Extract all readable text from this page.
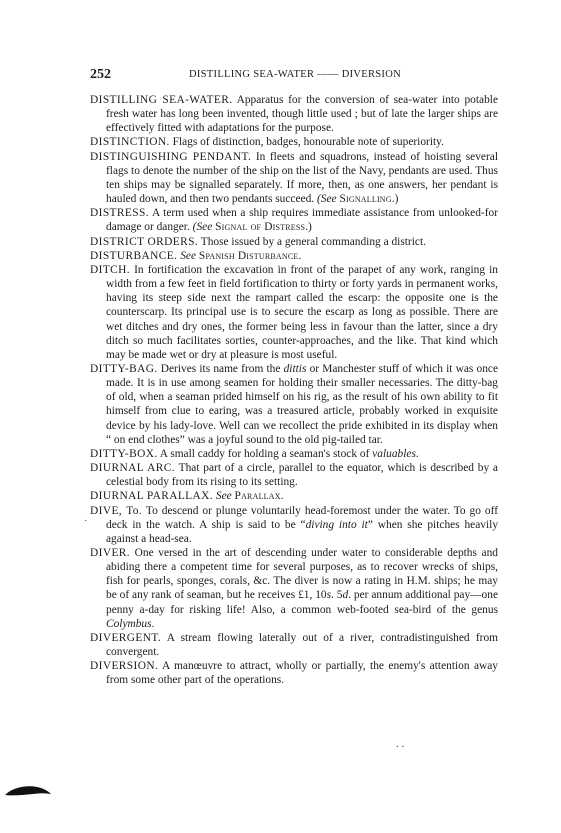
252	DISTILLING SEA-WATER —— DIVERSION
·

DISTILLING SEA-WATER. Apparatus for the conversion of sea-water into potable fresh water has long been invented, though little used ; but of late the larger ships are effectively fitted with adaptations for the purpose.

DISTINCTION. Flags of distinction, badges, honourable note of superiority.

DISTINGUISHING PENDANT. In fleets and squadrons, instead of hoisting several flags to denote the number of the ship on the list of the Navy, pendants are used. Thus ten ships may be signalled separately. If more, then, as one answers, her pendant is hauled down, and then two pendants succeed. (See Signalling.)

DISTRESS. A term used when a ship requires immediate assistance from unlooked-for damage or danger. (See Signal of Distress.)

DISTRICT ORDERS. Those issued by a general commanding a district.

DISTURBANCE. See Spanish Disturbance.

DITCH. In fortification the excavation in front of the parapet of any work, ranging in width from a few feet in field fortification to thirty or forty yards in permanent works, having its steep side next the rampart called the escarp: the opposite one is the counterscarp. Its principal use is to secure the escarp as long as possible. There are wet ditches and dry ones, the former being less in favour than the latter, since a dry ditch so much facilitates sorties, counter-approaches, and the like. That kind which may be made wet or dry at pleasure is most useful.

DITTY-BAG. Derives its name from the dittis or Manchester stuff of which it was once made. It is in use among seamen for holding their smaller necessaries. The ditty-bag of old, when a seaman prided himself on his rig, as the result of his own ability to fit himself from clue to earing, was a treasured article, probably worked in exquisite device by his lady-love. Well can we recollect the pride exhibited in its display when “ on end clothes” was a joyful sound to the old pig-tailed tar.

DITTY-BOX. A small caddy for holding a seaman's stock of valuables.

DIURNAL ARC. That part of a circle, parallel to the equator, which is described by a celestial body from its rising to its setting.

DIURNAL PARALLAX. See Parallax.

DIVE, To. To descend or plunge voluntarily head-foremost under the water. To go off deck in the watch. A ship is said to be “diving into it” when she pitches heavily against a head-sea.

DIVER. One versed in the art of descending under water to considerable depths and abiding there a competent time for several purposes, as to recover wrecks of ships, fish for pearls, sponges, corals, &c. The diver is now a rating in H.M. ships; he may be of any rank of seaman, but he receives £1, 10s. 5d. per annum additional pay—one penny a-day for risking life! Also, a common web-footed sea-bird of the genus Colymbus.

DIVERGENT. A stream flowing laterally out of a river, contradistinguished from convergent.

DIVERSION. A manœuvre to attract, wholly or partially, the enemy's attention away from some other part of the operations.

. .
